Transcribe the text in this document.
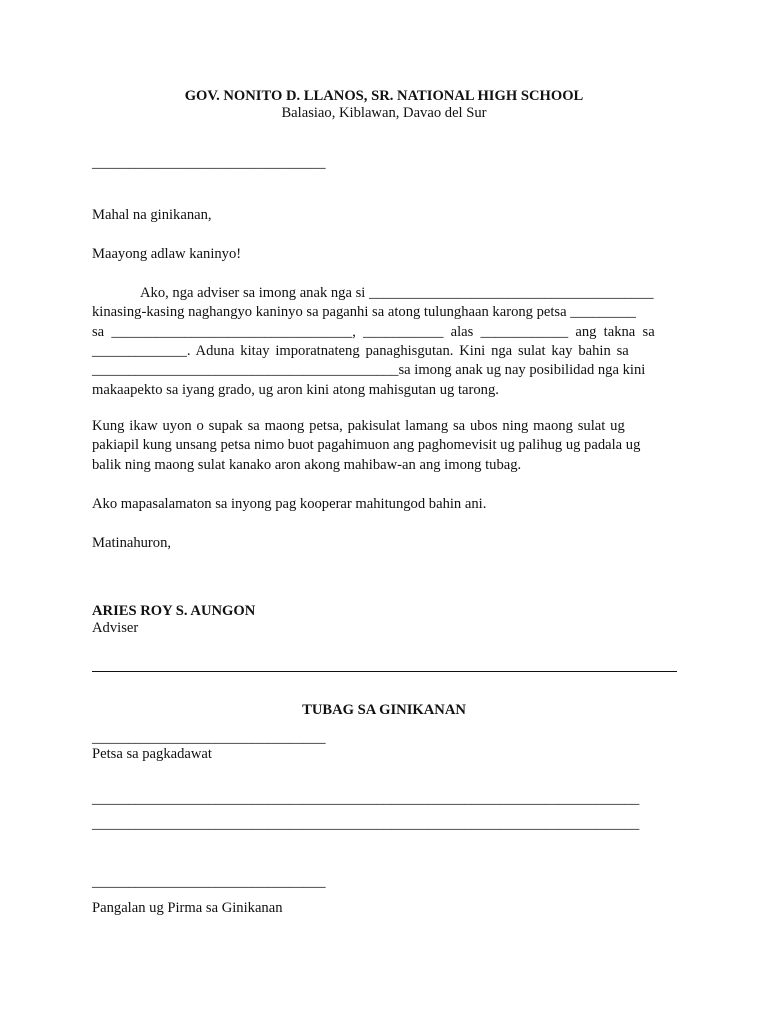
GOV. NONITO D. LLANOS, SR. NATIONAL HIGH SCHOOL
Balasiao, Kiblawan, Davao del Sur
________________________________
Mahal na ginikanan,
Maayong adlaw kaninyo!
Ako, nga adviser sa imong anak nga si _______________________________________
kinasing-kasing naghangyo kaninyo sa paganhi sa atong tulunghaan karong petsa _________
sa _________________________________, ___________ alas ____________ ang takna sa
_____________. Aduna kitay imporatnateng panaghisgutan. Kini nga sulat kay bahin sa
__________________________________________sa imong anak ug nay posibilidad nga kini
makaapekto sa iyang grado, ug aron kini atong mahisgutan ug tarong.
Kung ikaw uyon o supak sa maong petsa, pakisulat lamang sa ubos ning maong sulat ug
pakiapil kung unsang petsa nimo buot pagahimuon ang paghomevisit ug palihug ug padala ug
balik ning maong sulat kanako aron akong mahibaw-an ang imong tubag.
Ako mapasalamaton sa inyong pag kooperar mahitungod bahin ani.
Matinahuron,
ARIES ROY S. AUNGON
Adviser
TUBAG SA GINIKANAN
________________________________
Petsa sa pagkadawat
___________________________________________________________________________
___________________________________________________________________________
________________________________
Pangalan ug Pirma sa Ginikanan
